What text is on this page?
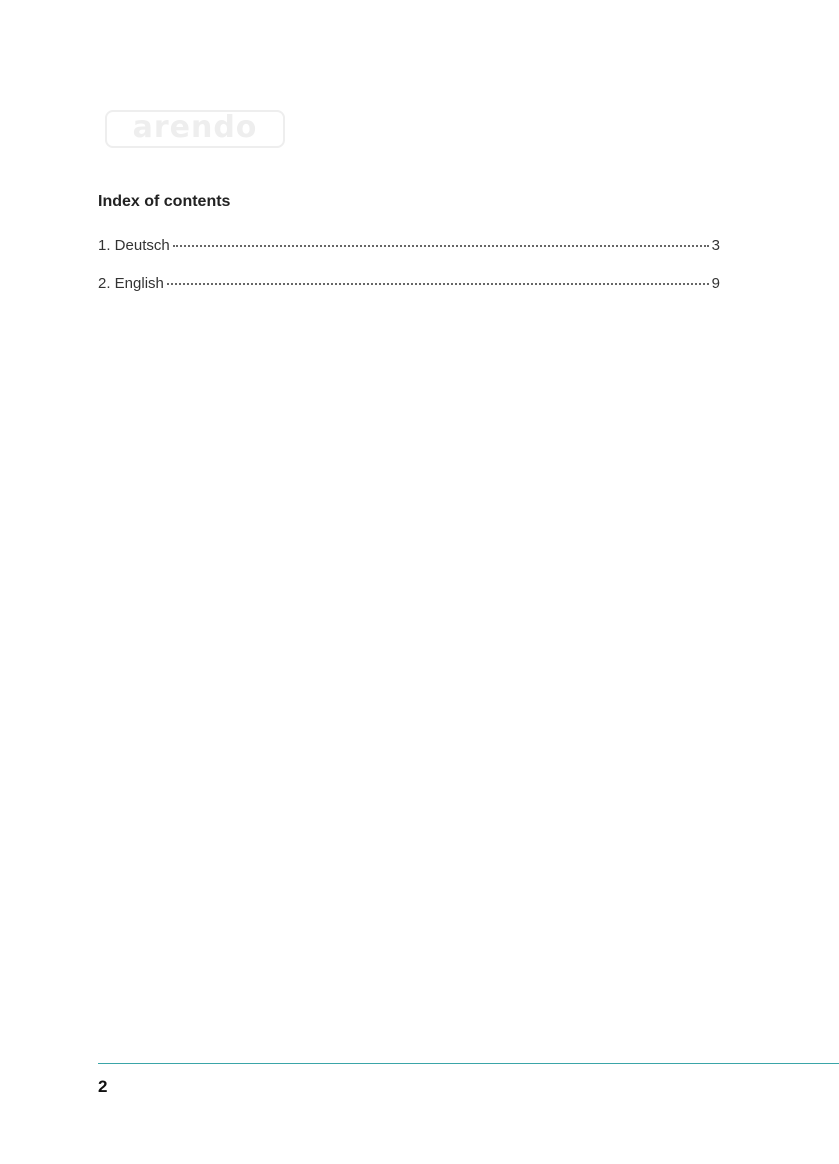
arendo
Index of contents
1. Deutsch	3
2. English	9
2
